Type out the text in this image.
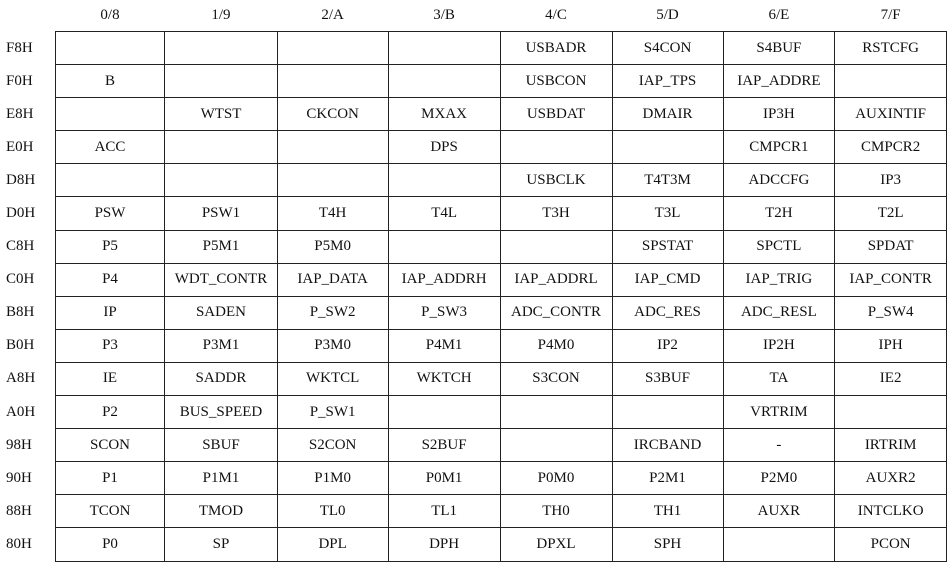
	0/8	1/9	2/A	3/B	4/C	5/D	6/E	7/F
F8H					USBADR	S4CON	S4BUF	RSTCFG
F0H	B				USBCON	IAP_TPS	IAP_ADDRE	
E8H		WTST	CKCON	MXAX	USBDAT	DMAIR	IP3H	AUXINTIF
E0H	ACC			DPS			CMPCR1	CMPCR2
D8H					USBCLK	T4T3M	ADCCFG	IP3
D0H	PSW	PSW1	T4H	T4L	T3H	T3L	T2H	T2L
C8H	P5	P5M1	P5M0			SPSTAT	SPCTL	SPDAT
C0H	P4	WDT_CONTR	IAP_DATA	IAP_ADDRH	IAP_ADDRL	IAP_CMD	IAP_TRIG	IAP_CONTR
B8H	IP	SADEN	P_SW2	P_SW3	ADC_CONTR	ADC_RES	ADC_RESL	P_SW4
B0H	P3	P3M1	P3M0	P4M1	P4M0	IP2	IP2H	IPH
A8H	IE	SADDR	WKTCL	WKTCH	S3CON	S3BUF	TA	IE2
A0H	P2	BUS_SPEED	P_SW1				VRTRIM	
98H	SCON	SBUF	S2CON	S2BUF		IRCBAND	-	IRTRIM
90H	P1	P1M1	P1M0	P0M1	P0M0	P2M1	P2M0	AUXR2
88H	TCON	TMOD	TL0	TL1	TH0	TH1	AUXR	INTCLKO
80H	P0	SP	DPL	DPH	DPXL	SPH		PCON
